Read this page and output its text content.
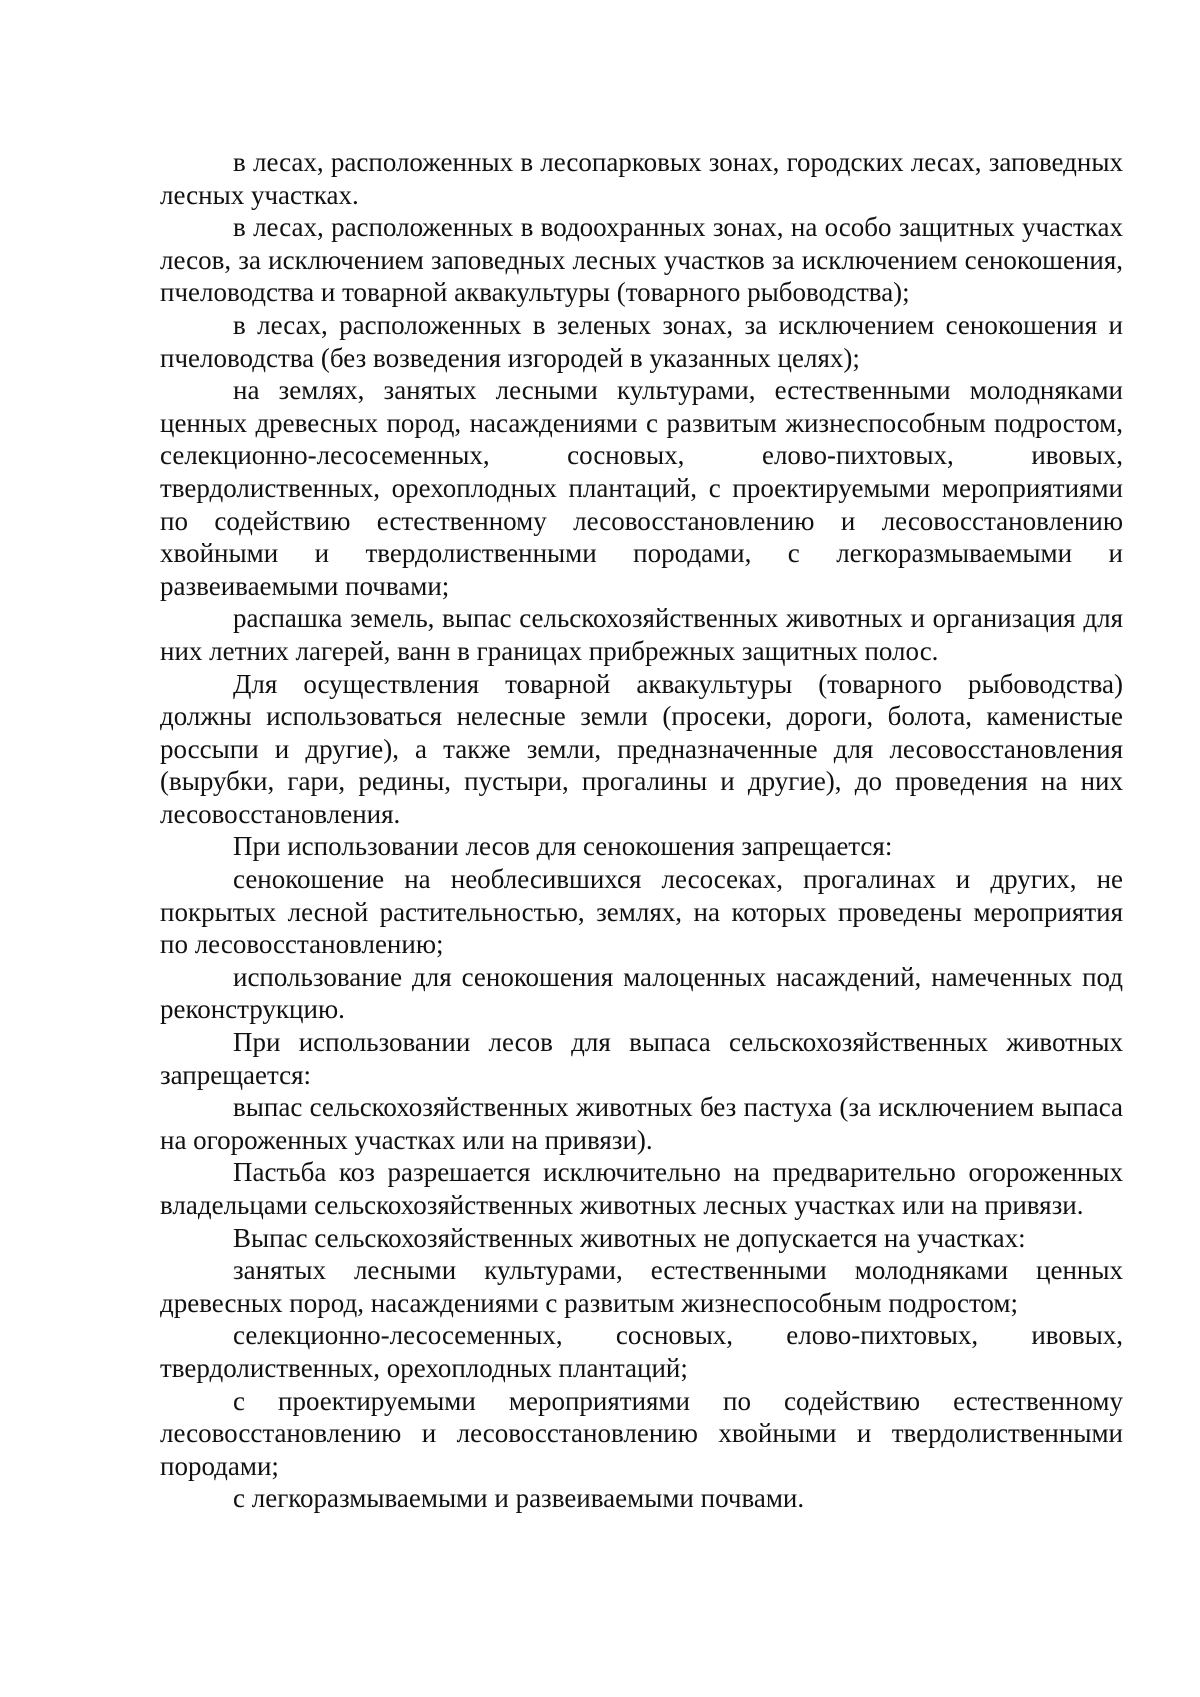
в лесах, расположенных в лесопарковых зонах, городских лесах, заповедных лесных участках.

в лесах, расположенных в водоохранных зонах, на особо защитных участках лесов, за исключением заповедных лесных участков за исключением сенокошения, пчеловодства и товарной аквакультуры (товарного рыбоводства);

в лесах, расположенных в зеленых зонах, за исключением сенокошения и пчеловодства (без возведения изгородей в указанных целях);

на землях, занятых лесными культурами, естественными молодняками ценных древесных пород, насаждениями с развитым жизнеспособным подростом, селекционно-лесосеменных, сосновых, елово-пихтовых, ивовых, твердолиственных, орехоплодных плантаций, с проектируемыми мероприятиями по содействию естественному лесовосстановлению и лесовосстановлению хвойными и твердолиственными породами, с легкоразмываемыми и развеиваемыми почвами;

распашка земель, выпас сельскохозяйственных животных и организация для них летних лагерей, ванн в границах прибрежных защитных полос.

Для осуществления товарной аквакультуры (товарного рыбоводства) должны использоваться нелесные земли (просеки, дороги, болота, каменистые россыпи и другие), а также земли, предназначенные для лесовосстановления (вырубки, гари, редины, пустыри, прогалины и другие), до проведения на них лесовосстановления.

При использовании лесов для сенокошения запрещается:

сенокошение на необлесившихся лесосеках, прогалинах и других, не покрытых лесной растительностью, землях, на которых проведены мероприятия по лесовосстановлению;

использование для сенокошения малоценных насаждений, намеченных под реконструкцию.

При использовании лесов для выпаса сельскохозяйственных животных запрещается:

выпас сельскохозяйственных животных без пастуха (за исключением выпаса на огороженных участках или на привязи).

Пастьба коз разрешается исключительно на предварительно огороженных владельцами сельскохозяйственных животных лесных участках или на привязи.

Выпас сельскохозяйственных животных не допускается на участках:

занятых лесными культурами, естественными молодняками ценных древесных пород, насаждениями с развитым жизнеспособным подростом;

селекционно-лесосеменных, сосновых, елово-пихтовых, ивовых, твердолиственных, орехоплодных плантаций;

с проектируемыми мероприятиями по содействию естественному лесовосстановлению и лесовосстановлению хвойными и твердолиственными породами;

с легкоразмываемыми и развеиваемыми почвами.
